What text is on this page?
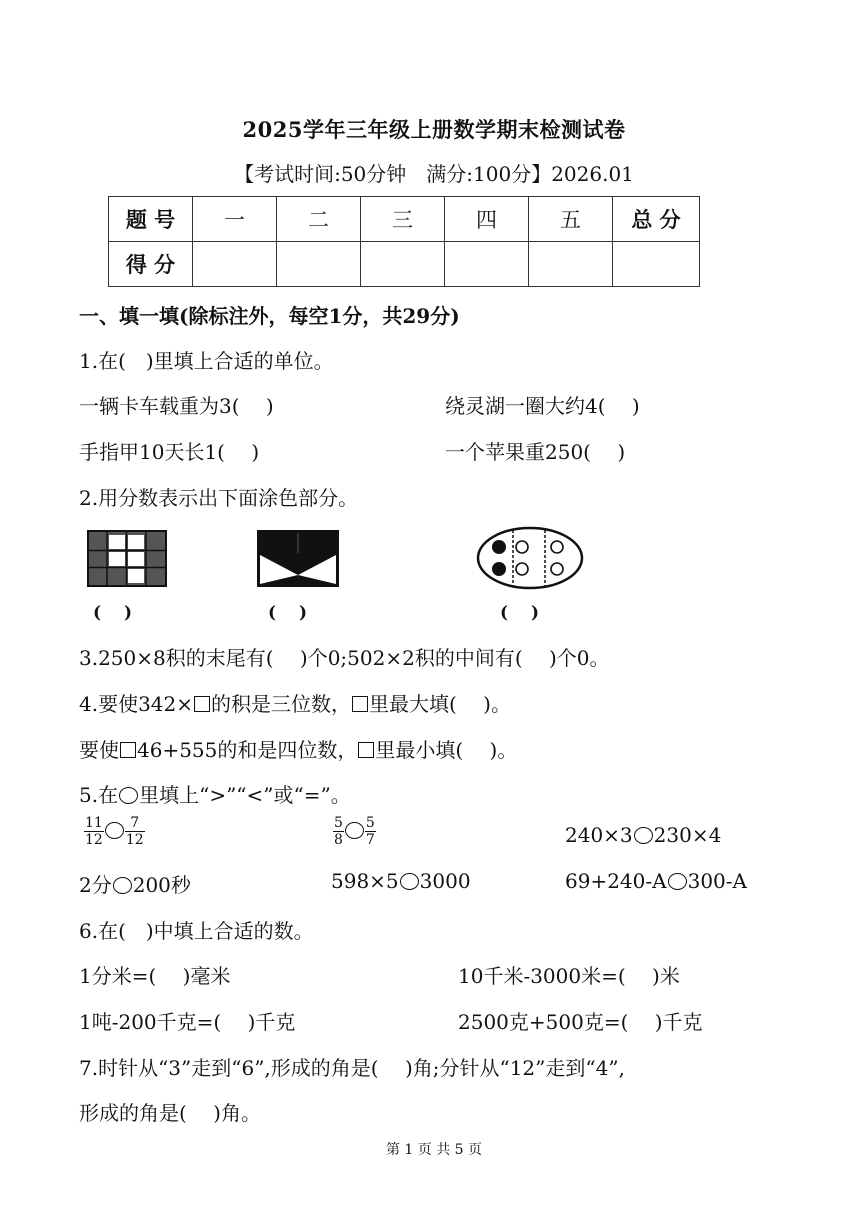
2025学年三年级上册数学期末检测试卷
【考试时间:50分钟　满分:100分】2026.01
题 号	一	二	三	四	五	总 分
得 分						
一、填一填(除标注外，每空1分，共29分)
1.在(　)里填上合适的单位。
一辆卡车载重为3(　 )	绕灵湖一圈大约4(　 )
手指甲10天长1(　 )	一个苹果重250(　 )
2.用分数表示出下面涂色部分。
(　 )	(　 )	(　 )
3.250×8积的末尾有(　 )个0;502×2积的中间有(　 )个0。
4.要使342× 的积是三位数， 里最大填(　 )。
要使 46+555的和是四位数， 里最小填(　 )。
5.在 里填上“>”“<”或“=”。
$\frac{11}{12} \frac{7}{12}$	$\frac{5}{8} \frac{5}{7}$	240×3 230×4
2分 200秒	598×5 3000	69+240-A 300-A
6.在(　)中填上合适的数。
1分米=(　 )毫米	10千米-3000米=(　 )米
1吨-200千克=(　 )千克	2500克+500克=(　 )千克
7.时针从“3”走到“6”,形成的角是(　 )角;分针从“12”走到“4”,
形成的角是(　 )角。
第 1 页 共 5 页
